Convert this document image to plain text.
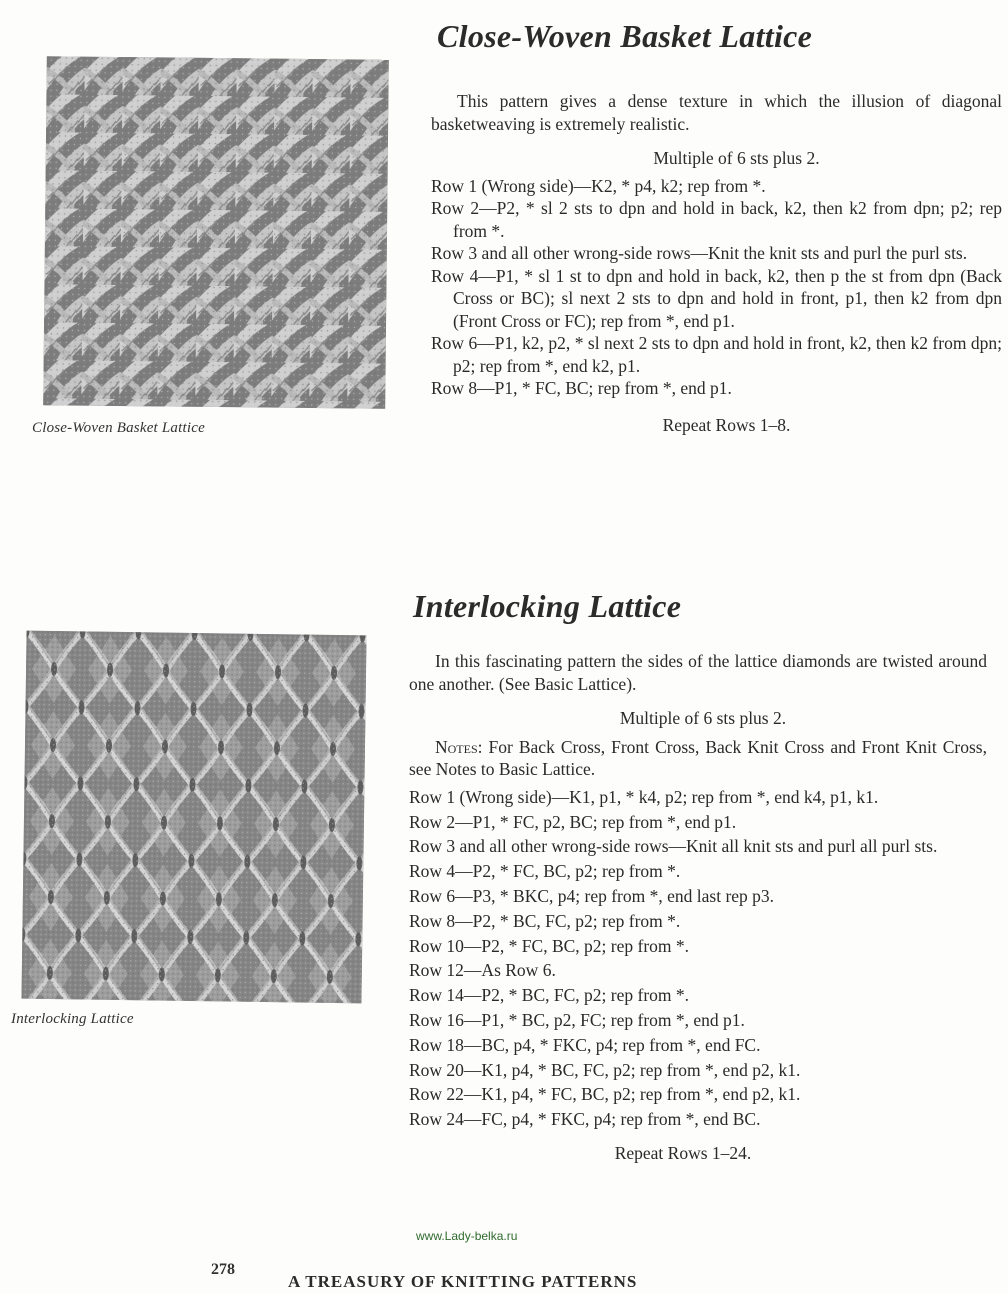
Close-Woven Basket Lattice
Close-Woven Basket Lattice

This pattern gives a dense texture in which the illusion of diagonal basketweaving is extremely realistic.

Multiple of 6 sts plus 2.

Row 1 (Wrong side)—K2, * p4, k2; rep from *.
Row 2—P2, * sl 2 sts to dpn and hold in back, k2, then k2 from dpn; p2; rep from *.
Row 3 and all other wrong-side rows—Knit the knit sts and purl the purl sts.
Row 4—P1, * sl 1 st to dpn and hold in back, k2, then p the st from dpn (Back Cross or BC); sl next 2 sts to dpn and hold in front, p1, then k2 from dpn (Front Cross or FC); rep from *, end p1.
Row 6—P1, k2, p2, * sl next 2 sts to dpn and hold in front, k2, then k2 from dpn; p2; rep from *, end k2, p1.
Row 8—P1, * FC, BC; rep from *, end p1.

Repeat Rows 1–8.

Interlocking Lattice
Interlocking Lattice

In this fascinating pattern the sides of the lattice diamonds are twisted around one another. (See Basic Lattice).

Multiple of 6 sts plus 2.

Notes: For Back Cross, Front Cross, Back Knit Cross and Front Knit Cross, see Notes to Basic Lattice.

Row 1 (Wrong side)—K1, p1, * k4, p2; rep from *, end k4, p1, k1.
Row 2—P1, * FC, p2, BC; rep from *, end p1.
Row 3 and all other wrong-side rows—Knit all knit sts and purl all purl sts.
Row 4—P2, * FC, BC, p2; rep from *.
Row 6—P3, * BKC, p4; rep from *, end last rep p3.
Row 8—P2, * BC, FC, p2; rep from *.
Row 10—P2, * FC, BC, p2; rep from *.
Row 12—As Row 6.
Row 14—P2, * BC, FC, p2; rep from *.
Row 16—P1, * BC, p2, FC; rep from *, end p1.
Row 18—BC, p4, * FKC, p4; rep from *, end FC.
Row 20—K1, p4, * BC, FC, p2; rep from *, end p2, k1.
Row 22—K1, p4, * FC, BC, p2; rep from *, end p2, k1.
Row 24—FC, p4, * FKC, p4; rep from *, end BC.

Repeat Rows 1–24.

www.Lady-belka.ru
278
A TREASURY OF KNITTING PATTERNS
